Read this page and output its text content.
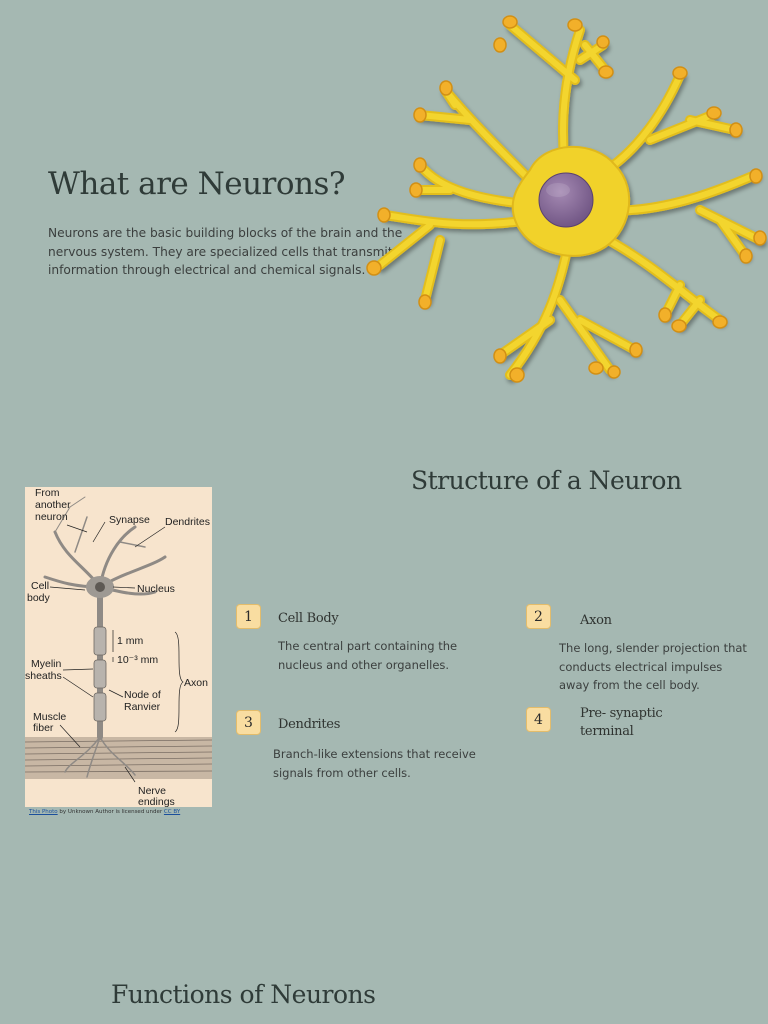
What are Neurons?

Neurons are the basic building blocks of the brain and the nervous system. They are specialized cells that transmit information through electrical and chemical signals.

Structure of a Neuron
From
another
neuron	Synapse Dendrites
Cell
body
Nucleus
1 mm
10⁻³ mm
Myelin
sheaths
Axon
Node of
Ranvier
Muscle
fiber
Nerve
endings
This Photo by Unknown Author is licensed under CC BY
1	Cell Body

The central part containing the nucleus and other organelles.

2	Axon

The long, slender projection that conducts electrical impulses away from the cell body.

3	Dendrites

Branch-like extensions that receive signals from other cells.

4	Pre- synaptic terminal
Functions of Neurons
